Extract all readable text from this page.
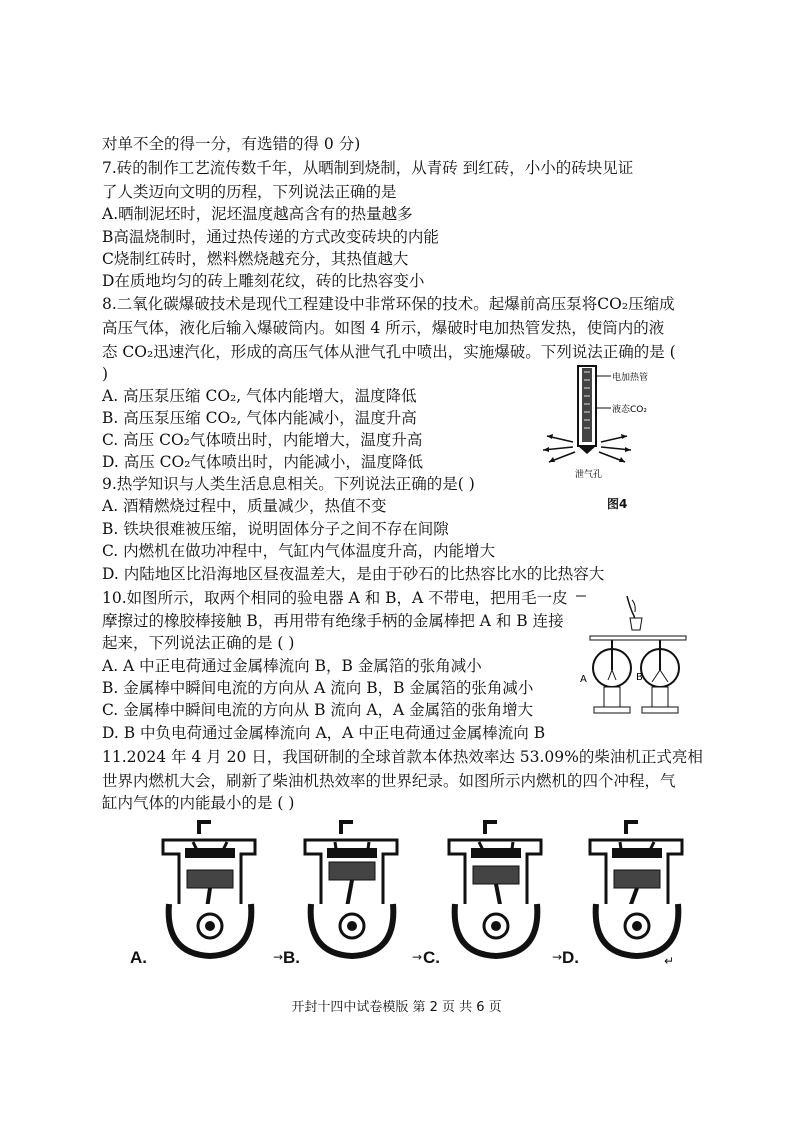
对单不全的得一分，有选错的得 0 分)
7.砖的制作工艺流传数千年，从晒制到烧制，从青砖 到红砖，小小的砖块见证
了人类迈向文明的历程，下列说法正确的是
A.晒制泥坯时，泥坯温度越高含有的热量越多
B高温烧制时，通过热传递的方式改变砖块的内能
C烧制红砖时，燃料燃烧越充分，其热值越大
D在质地均匀的砖上雕刻花纹，砖的比热容变小
8.二氧化碳爆破技术是现代工程建设中非常环保的技术。起爆前高压泵将CO₂压缩成
高压气体，液化后输入爆破筒内。如图 4 所示，爆破时电加热管发热，使筒内的液
态 CO₂迅速汽化，形成的高压气体从泄气孔中喷出，实施爆破。下列说法正确的是 (
)
A. 高压泵压缩 CO₂, 气体内能增大，温度降低
B. 高压泵压缩 CO₂, 气体内能减小，温度升高
C. 高压 CO₂气体喷出时，内能增大，温度升高
D. 高压 CO₂气体喷出时，内能减小，温度降低
电加热管
液态CO₂
泄气孔
图4
9.热学知识与人类生活息息相关。下列说法正确的是( )
A. 酒精燃烧过程中，质量减少，热值不变
B. 铁块很难被压缩，说明固体分子之间不存在间隙
C. 内燃机在做功冲程中，气缸内气体温度升高，内能增大
D. 内陆地区比沿海地区昼夜温差大，是由于砂石的比热容比水的比热容大
10.如图所示，取两个相同的验电器 A 和 B，A 不带电，把用毛一皮
摩擦过的橡胶棒接触 B，再用带有绝缘手柄的金属棒把 A 和 B 连接
起来，下列说法正确的是 ( )
A. A 中正电荷通过金属棒流向 B，B 金属箔的张角减小
B. 金属棒中瞬间电流的方向从 A 流向 B，B 金属箔的张角减小
C. 金属棒中瞬间电流的方向从 B 流向 A，A 金属箔的张角增大
D. B 中负电荷通过金属棒流向 A，A 中正电荷通过金属棒流向 B
A	B
11.2024 年 4 月 20 日，我国研制的全球首款本体热效率达 53.09%的柴油机正式亮相
世界内燃机大会，刷新了柴油机热效率的世界纪录。如图所示内燃机的四个冲程，气
缸内气体的内能最小的是 ( )
A.	→ B.	→ C.	→ D.	↵
开封十四中试卷模版 第 2 页 共 6 页
